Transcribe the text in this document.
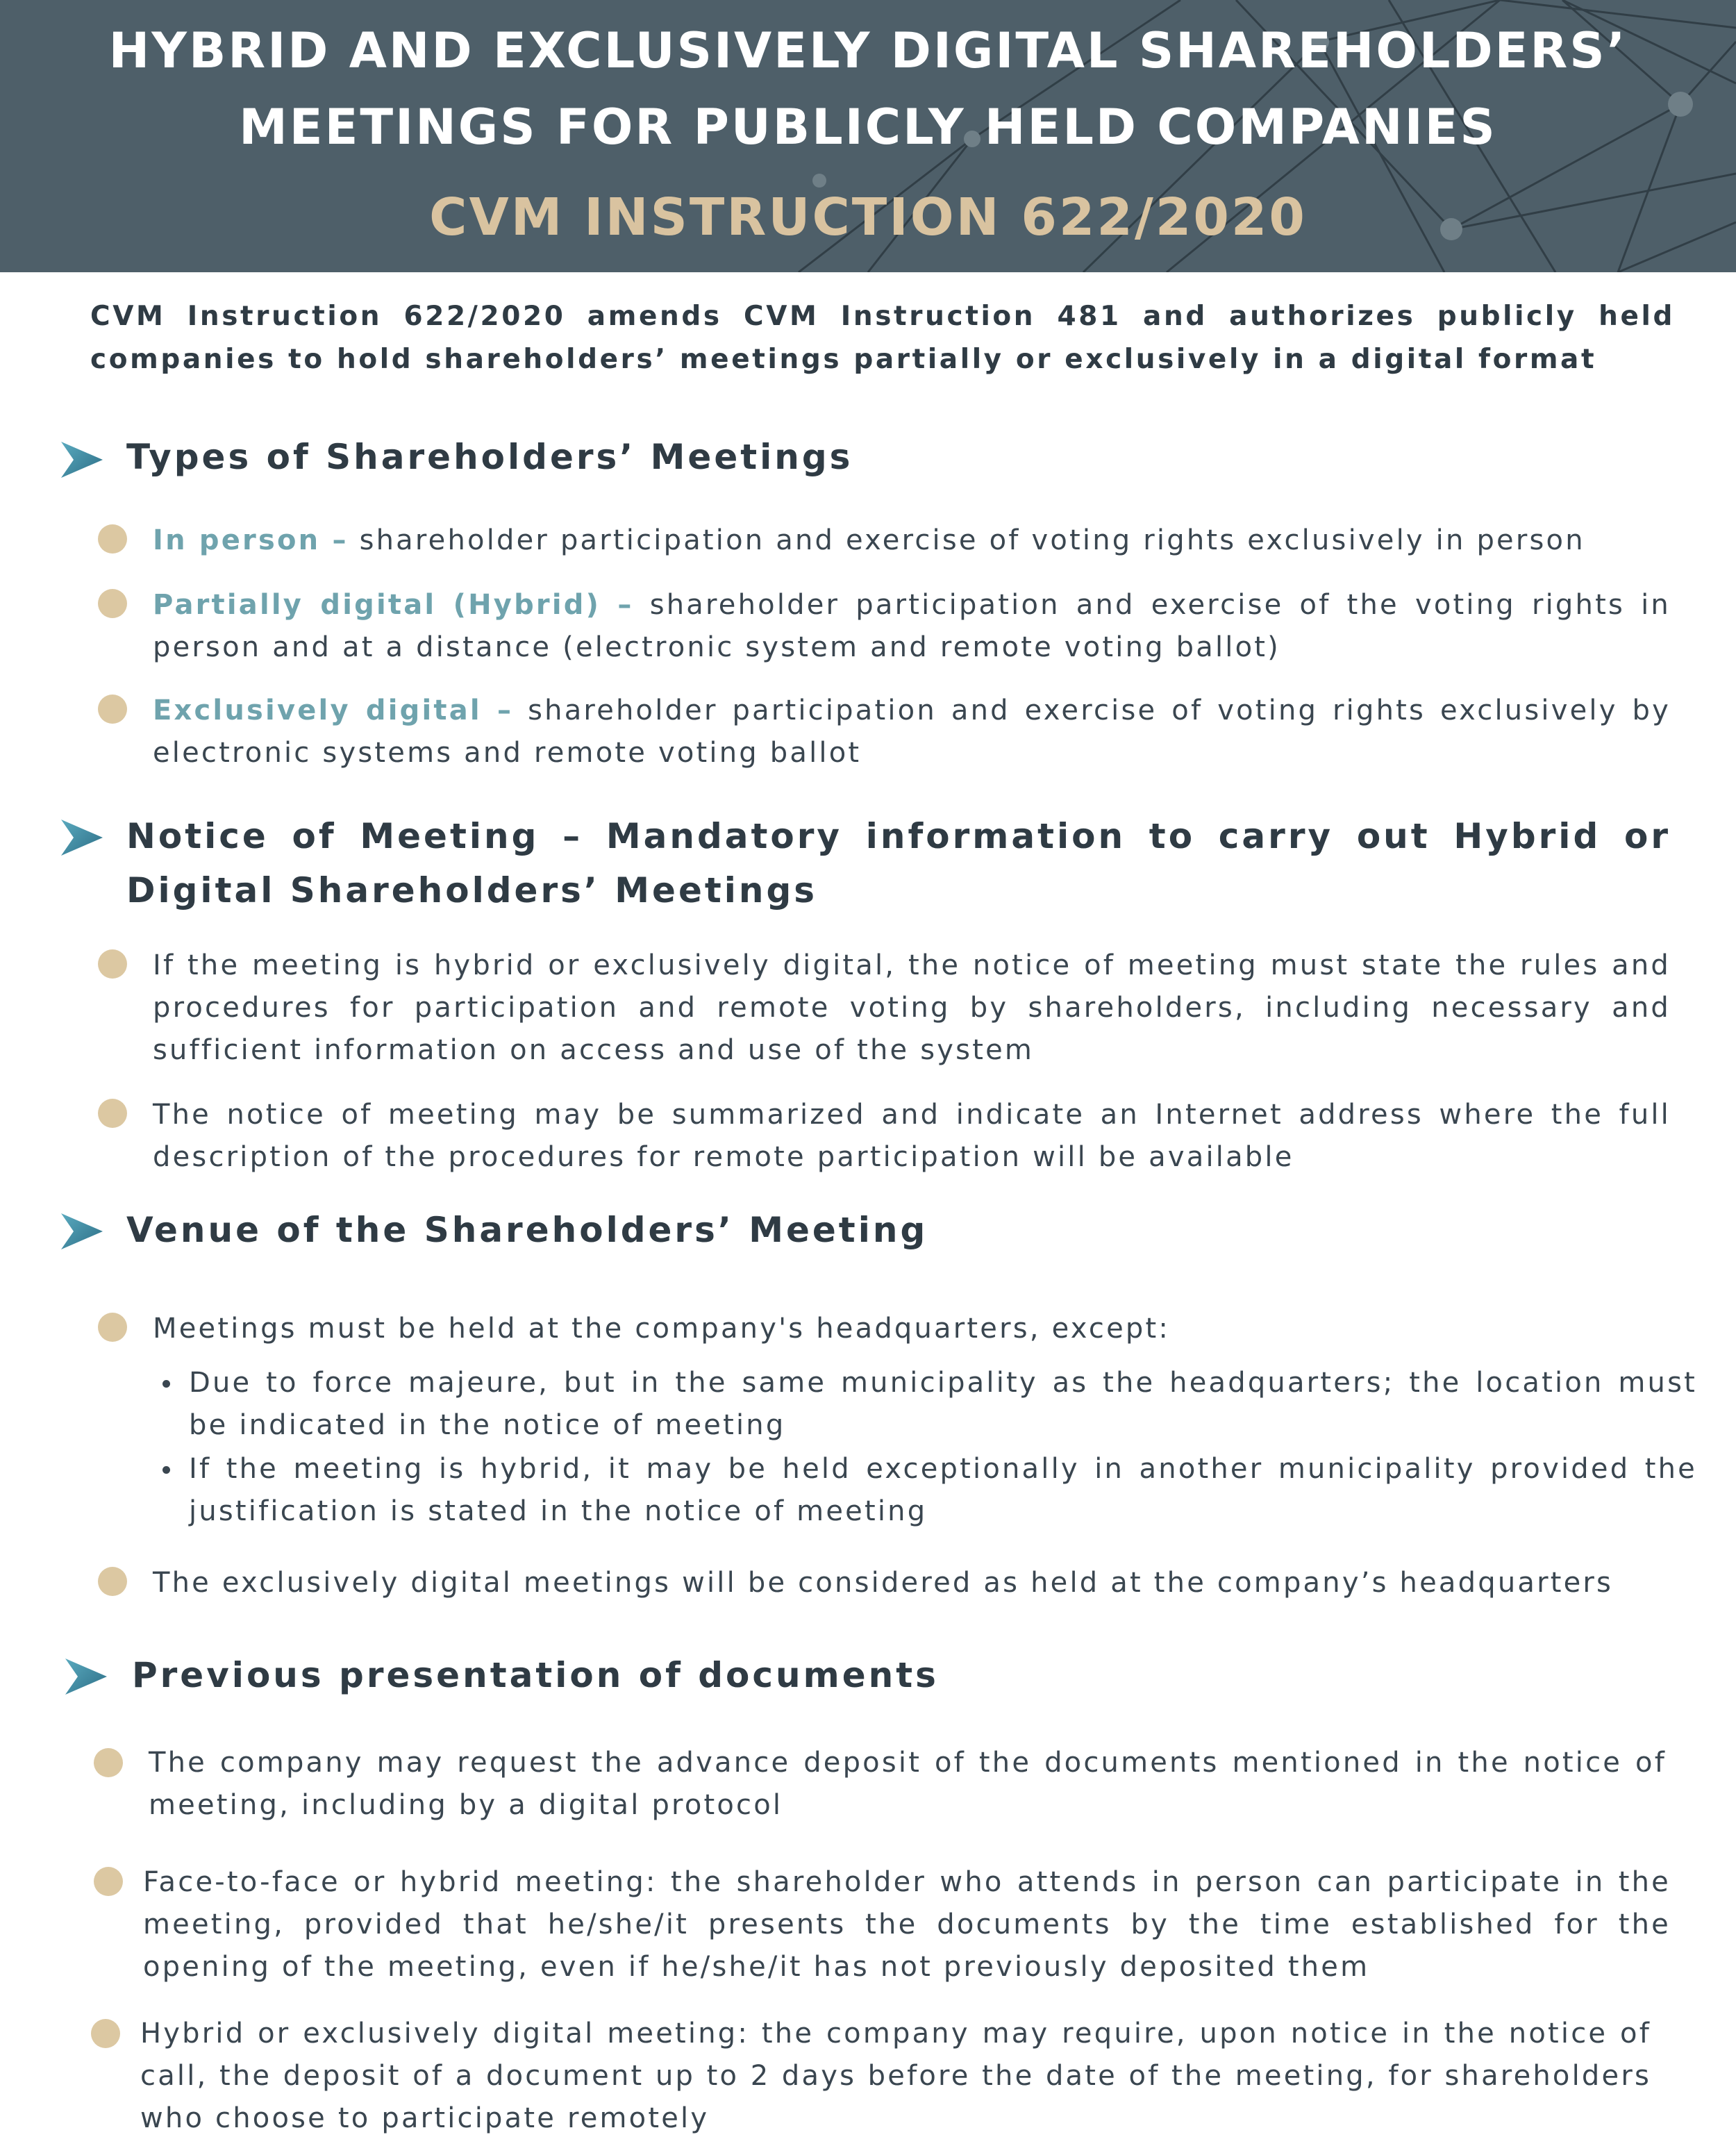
HYBRID AND EXCLUSIVELY DIGITAL SHAREHOLDERS’
MEETINGS FOR PUBLICLY HELD COMPANIES
CVM INSTRUCTION 622/2020

CVM Instruction 622/2020 amends CVM Instruction 481 and authorizes publicly held companies to hold shareholders’ meetings partially or exclusively in a digital format

Types of Shareholders’ Meetings

In person – shareholder participation and exercise of voting rights exclusively in person

Partially digital (Hybrid) – shareholder participation and exercise of the voting rights in person and at a distance (electronic system and remote voting ballot)

Exclusively digital – shareholder participation and exercise of voting rights exclusively by electronic systems and remote voting ballot

Notice of Meeting – Mandatory information to carry out Hybrid or Digital Shareholders’ Meetings

If the meeting is hybrid or exclusively digital, the notice of meeting must state the rules and procedures for participation and remote voting by shareholders, including necessary and sufficient information on access and use of the system

The notice of meeting may be summarized and indicate an Internet address where the full description of the procedures for remote participation will be available

Venue of the Shareholders’ Meeting

Meetings must be held at the company's headquarters, except:

Due to force majeure, but in the same municipality as the headquarters; the location must be indicated in the notice of meeting

If the meeting is hybrid, it may be held exceptionally in another municipality provided the justification is stated in the notice of meeting

The exclusively digital meetings will be considered as held at the company’s headquarters

Previous presentation of documents

The company may request the advance deposit of the documents mentioned in the notice of meeting, including by a digital protocol

Face-to-face or hybrid meeting: the shareholder who attends in person can participate in the meeting, provided that he/she/it presents the documents by the time established for the opening of the meeting, even if he/she/it has not previously deposited them

Hybrid or exclusively digital meeting: the company may require, upon notice in the notice of call, the deposit of a document up to 2 days before the date of the meeting, for shareholders who choose to participate remotely
